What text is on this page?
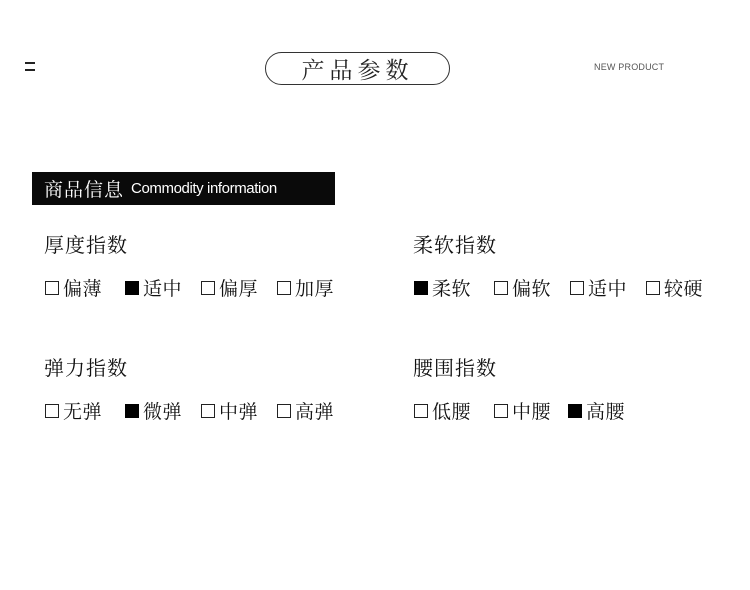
产品参数	NEW PRODUCT
商品信息 Commodity information
厚度指数
偏薄 适中 偏厚 加厚
柔软指数
柔软 偏软 适中 较硬
弹力指数
无弹 微弹 中弹 高弹
腰围指数
低腰 中腰 高腰
